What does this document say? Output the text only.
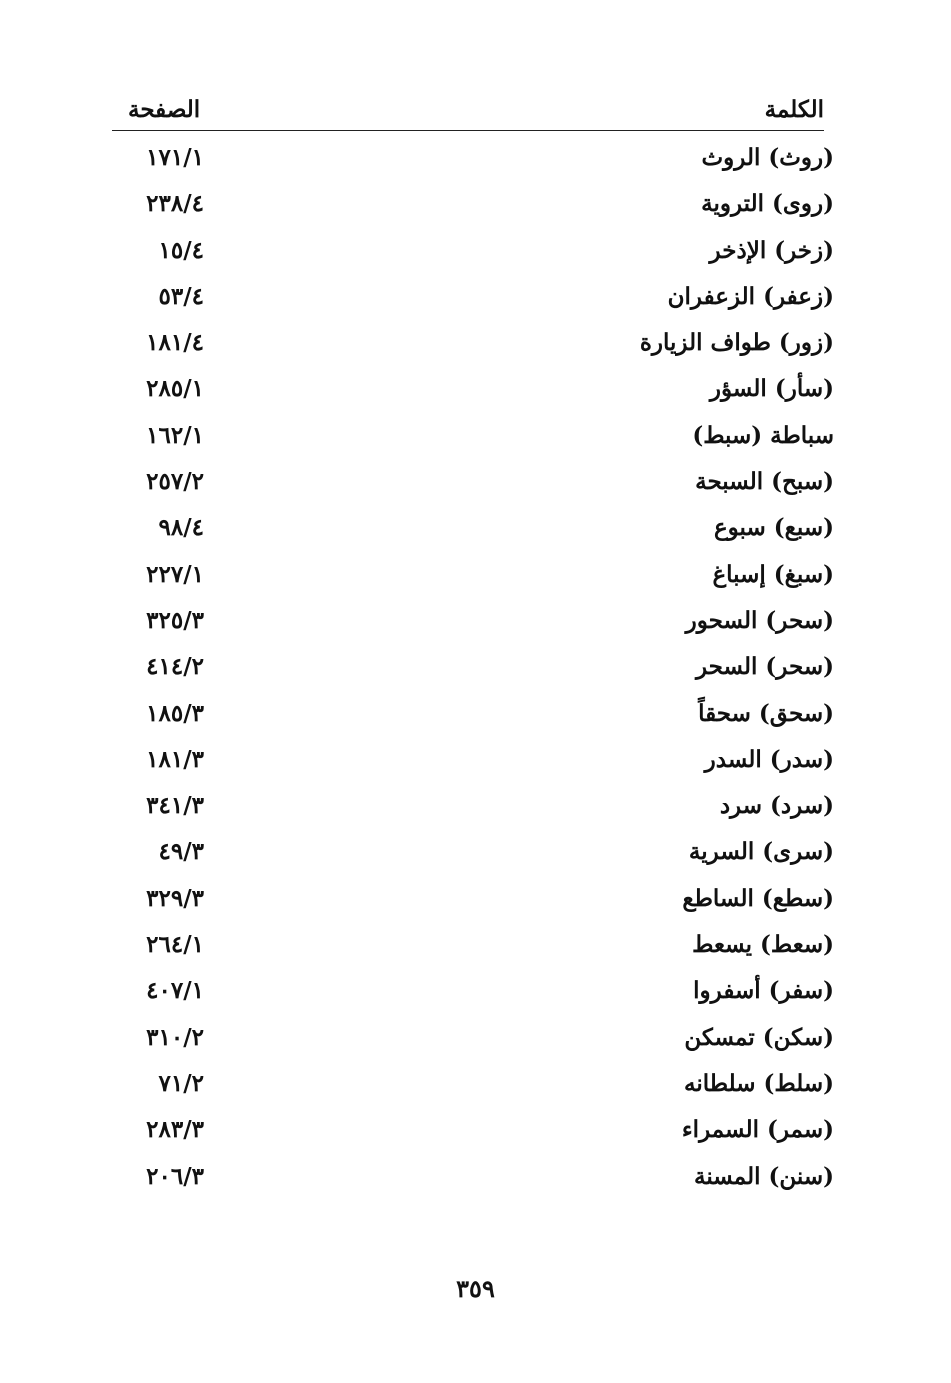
الكلمة
الصفحة
(روث) الروث
١٧١/١
(روى) التروية
٢٣٨/٤
(زخر) الإذخر
١٥/٤
(زعفر) الزعفران
٥٣/٤
(زور) طواف الزيارة
١٨١/٤
(سأر) السؤر
٢٨٥/١
سباطة (سبط)
١٦٢/١
(سبح) السبحة
٢٥٧/٢
(سبع) سبوع
٩٨/٤
(سبغ) إسباغ
٢٢٧/١
(سحر) السحور
٣٢٥/٣
(سحر) السحر
٤١٤/٢
(سحق) سحقاً
١٨٥/٣
(سدر) السدر
١٨١/٣
(سرد) سرد
٣٤١/٣
(سرى) السرية
٤٩/٣
(سطع) الساطع
٣٢٩/٣
(سعط) يسعط
٢٦٤/١
(سفر) أسفروا
٤٠٧/١
(سكن) تمسكن
٣١٠/٢
(سلط) سلطانه
٧١/٢
(سمر) السمراء
٢٨٣/٣
(سنن) المسنة
٢٠٦/٣
٣٥٩
